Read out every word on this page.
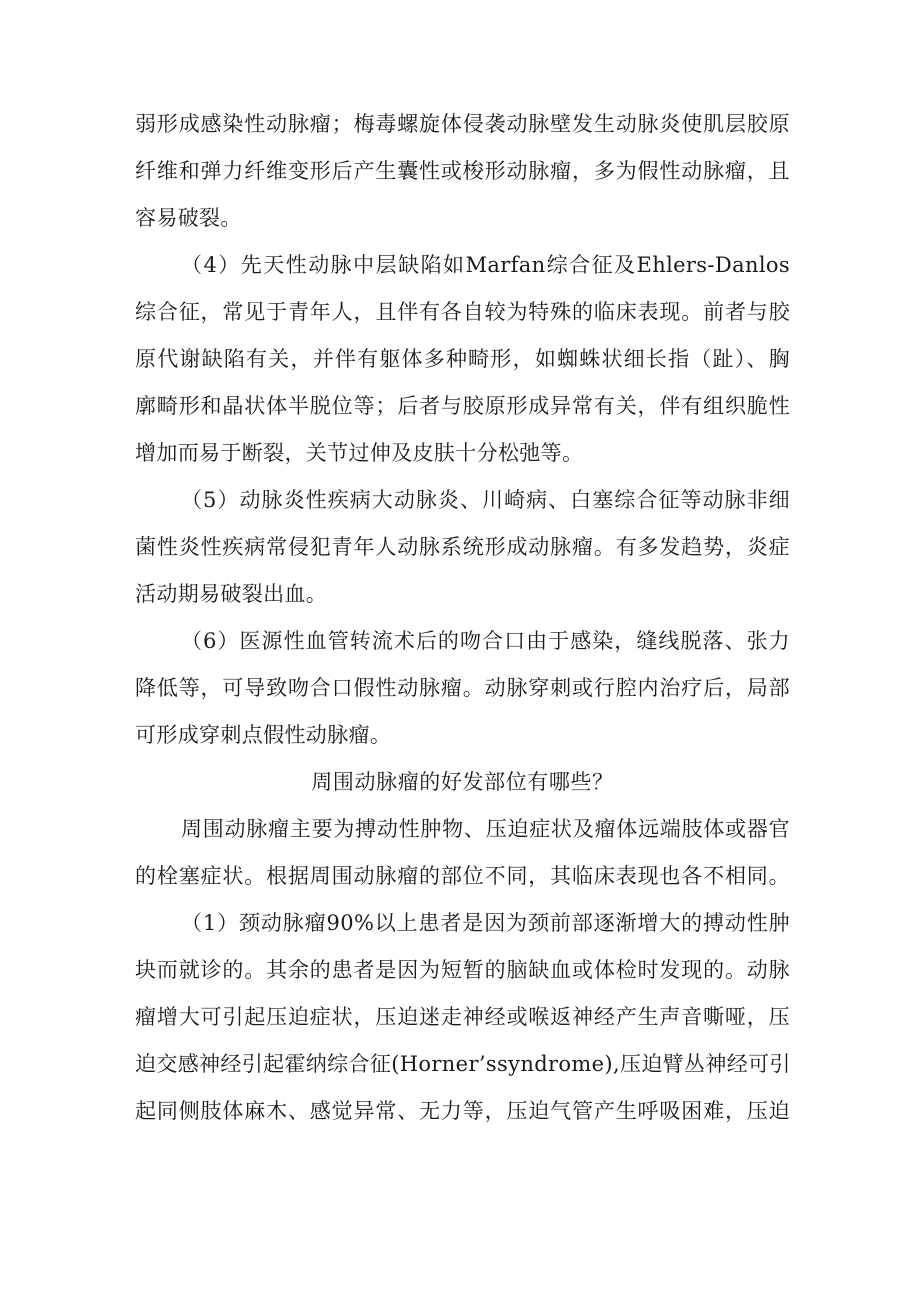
弱形成感染性动脉瘤；梅毒螺旋体侵袭动脉壁发生动脉炎使肌层胶原
纤维和弹力纤维变形后产生囊性或梭形动脉瘤，多为假性动脉瘤，且
容易破裂。
（4）先天性动脉中层缺陷如Marfan综合征及Ehlers-Danlos
综合征，常见于青年人，且伴有各自较为特殊的临床表现。前者与胶
原代谢缺陷有关，并伴有躯体多种畸形，如蜘蛛状细长指（趾）、胸
廓畸形和晶状体半脱位等；后者与胶原形成异常有关，伴有组织脆性
增加而易于断裂，关节过伸及皮肤十分松弛等。
（5）动脉炎性疾病大动脉炎、川崎病、白塞综合征等动脉非细
菌性炎性疾病常侵犯青年人动脉系统形成动脉瘤。有多发趋势，炎症
活动期易破裂出血。
（6）医源性血管转流术后的吻合口由于感染，缝线脱落、张力
降低等，可导致吻合口假性动脉瘤。动脉穿刺或行腔内治疗后，局部
可形成穿刺点假性动脉瘤。
周围动脉瘤的好发部位有哪些？
周围动脉瘤主要为搏动性肿物、压迫症状及瘤体远端肢体或器官
的栓塞症状。根据周围动脉瘤的部位不同，其临床表现也各不相同。
（1）颈动脉瘤90%以上患者是因为颈前部逐渐增大的搏动性肿
块而就诊的。其余的患者是因为短暂的脑缺血或体检时发现的。动脉
瘤增大可引起压迫症状，压迫迷走神经或喉返神经产生声音嘶哑，压
迫交感神经引起霍纳综合征(Horner’ssyndrome),压迫臂丛神经可引
起同侧肢体麻木、感觉异常、无力等，压迫气管产生呼吸困难，压迫
